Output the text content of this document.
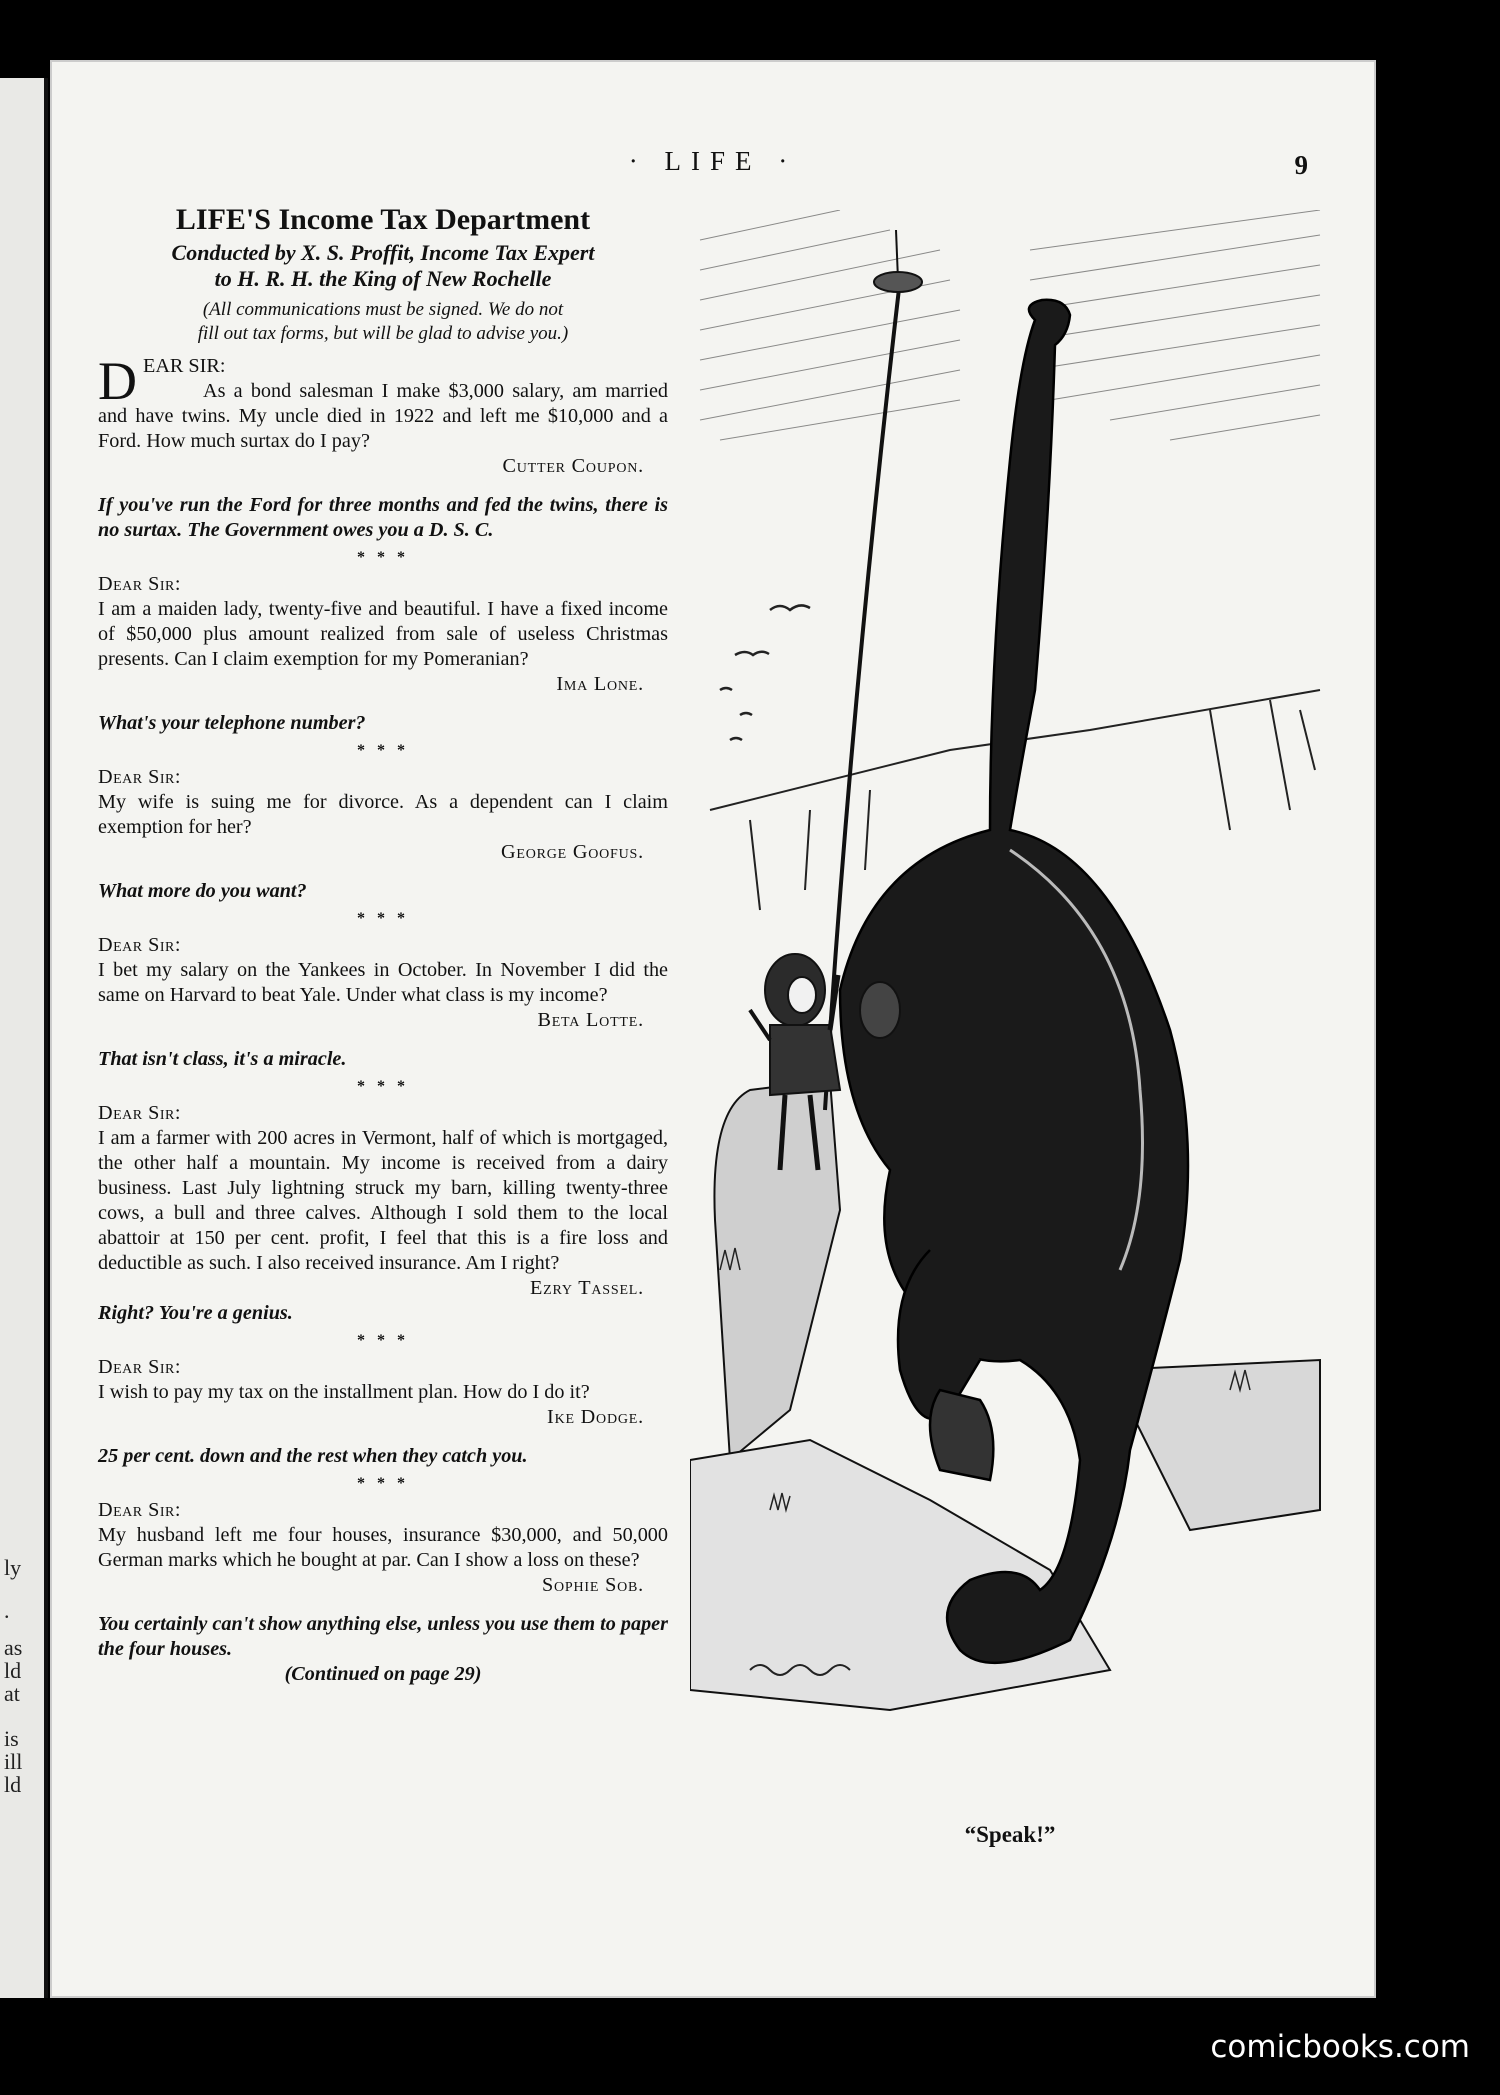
ly
.
as
ld
at
is
ill
ld
· LIFE ·	9
LIFE'S Income Tax Department
Conducted by X. S. Proffit, Income Tax Expert
to H. R. H. the King of New Rochelle
(All communications must be signed. We do not
fill out tax forms, but will be glad to advise you.)
D EAR SIR:
As a bond salesman I make $3,000 salary, am married and have twins. My uncle died in 1922 and left me $10,000 and a Ford. How much surtax do I pay?
Cutter Coupon.
If you've run the Ford for three months and fed the twins, there is no surtax. The Government owes you a D. S. C.
* * *
Dear Sir:
I am a maiden lady, twenty-five and beautiful. I have a fixed income of $50,000 plus amount realized from sale of useless Christmas presents. Can I claim exemption for my Pomeranian?
Ima Lone.
What's your telephone number?
* * *
Dear Sir:
My wife is suing me for divorce. As a dependent can I claim exemption for her?
George Goofus.
What more do you want?
* * *
Dear Sir:
I bet my salary on the Yankees in October. In November I did the same on Harvard to beat Yale. Under what class is my income?
Beta Lotte.
That isn't class, it's a miracle.
* * *
Dear Sir:
I am a farmer with 200 acres in Vermont, half of which is mortgaged, the other half a mountain. My income is received from a dairy business. Last July lightning struck my barn, killing twenty-three cows, a bull and three calves. Although I sold them to the local abattoir at 150 per cent. profit, I feel that this is a fire loss and deductible as such. I also received insurance. Am I right?
Ezry Tassel.
Right? You're a genius.
* * *
Dear Sir:
I wish to pay my tax on the installment plan. How do I do it?
Ike Dodge.
25 per cent. down and the rest when they catch you.
* * *
Dear Sir:
My husband left me four houses, insurance $30,000, and 50,000 German marks which he bought at par. Can I show a loss on these?
Sophie Sob.
You certainly can't show anything else, unless you use them to paper the four houses.
(Continued on page 29)
“Speak!”
comicbooks.com
